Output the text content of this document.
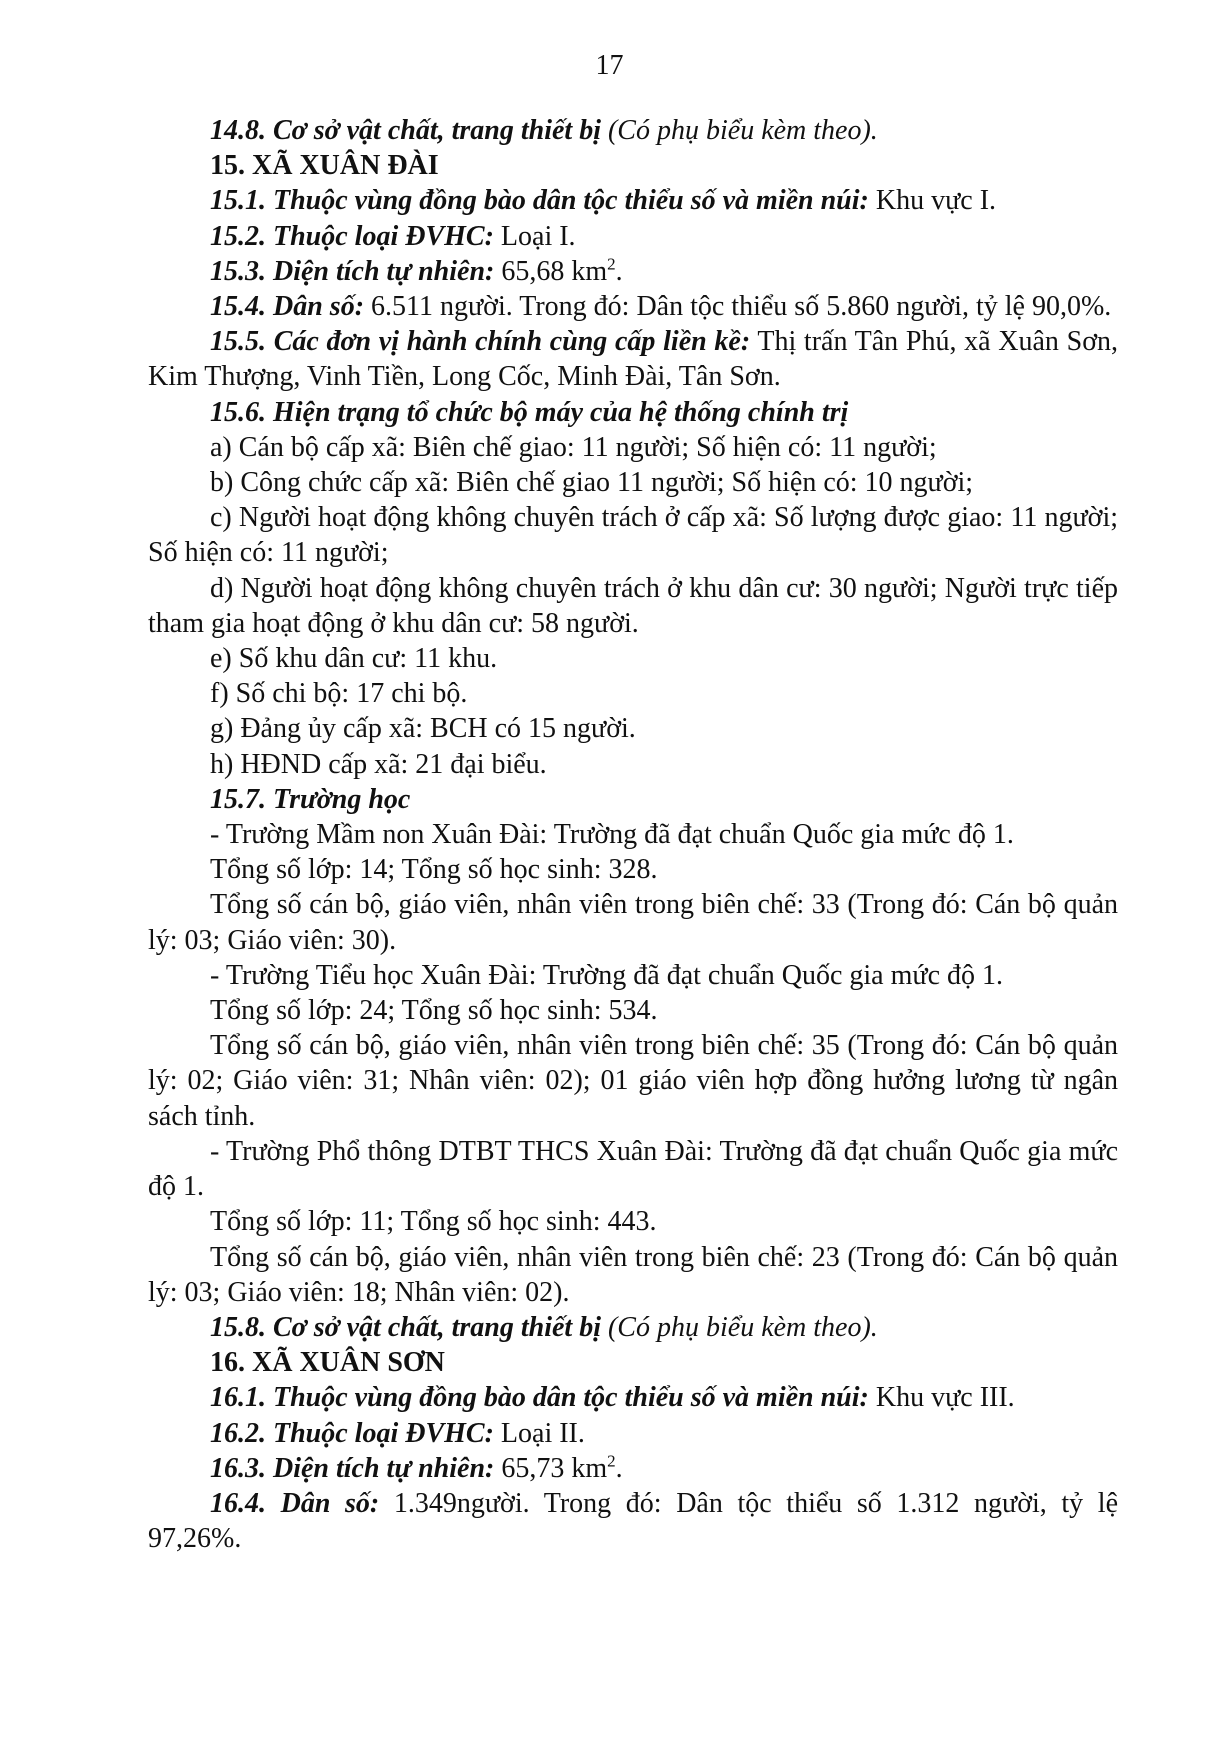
17

14.8. Cơ sở vật chất, trang thiết bị (Có phụ biểu kèm theo).

15. XÃ XUÂN ĐÀI

15.1. Thuộc vùng đồng bào dân tộc thiểu số và miền núi: Khu vực I.

15.2. Thuộc loại ĐVHC: Loại I.

15.3. Diện tích tự nhiên: 65,68 $km^2$.

15.4. Dân số: 6.511 người. Trong đó: Dân tộc thiểu số 5.860 người, tỷ lệ 90,0%.

15.5. Các đơn vị hành chính cùng cấp liền kề: Thị trấn Tân Phú, xã Xuân Sơn, Kim Thượng, Vinh Tiền, Long Cốc, Minh Đài, Tân Sơn.

15.6. Hiện trạng tổ chức bộ máy của hệ thống chính trị

a) Cán bộ cấp xã: Biên chế giao: 11 người; Số hiện có: 11 người;

b) Công chức cấp xã: Biên chế giao 11 người; Số hiện có: 10 người;

c) Người hoạt động không chuyên trách ở cấp xã: Số lượng được giao: 11 người; Số hiện có: 11 người;

d) Người hoạt động không chuyên trách ở khu dân cư: 30 người; Người trực tiếp tham gia hoạt động ở khu dân cư: 58 người.

e) Số khu dân cư: 11 khu.

f) Số chi bộ: 17 chi bộ.

g) Đảng ủy cấp xã: BCH có 15 người.

h) HĐND cấp xã: 21 đại biểu.

15.7. Trường học

- Trường Mầm non Xuân Đài: Trường đã đạt chuẩn Quốc gia mức độ 1.

Tổng số lớp: 14; Tổng số học sinh: 328.

Tổng số cán bộ, giáo viên, nhân viên trong biên chế: 33 (Trong đó: Cán bộ quản lý: 03; Giáo viên: 30).

- Trường Tiểu học Xuân Đài: Trường đã đạt chuẩn Quốc gia mức độ 1.

Tổng số lớp: 24; Tổng số học sinh: 534.

Tổng số cán bộ, giáo viên, nhân viên trong biên chế: 35 (Trong đó: Cán bộ quản lý: 02; Giáo viên: 31; Nhân viên: 02); 01 giáo viên hợp đồng hưởng lương từ ngân sách tỉnh.

- Trường Phổ thông DTBT THCS Xuân Đài: Trường đã đạt chuẩn Quốc gia mức độ 1.

Tổng số lớp: 11; Tổng số học sinh: 443.

Tổng số cán bộ, giáo viên, nhân viên trong biên chế: 23 (Trong đó: Cán bộ quản lý: 03; Giáo viên: 18; Nhân viên: 02).

15.8. Cơ sở vật chất, trang thiết bị (Có phụ biểu kèm theo).

16. XÃ XUÂN SƠN

16.1. Thuộc vùng đồng bào dân tộc thiểu số và miền núi: Khu vực III.

16.2. Thuộc loại ĐVHC: Loại II.

16.3. Diện tích tự nhiên: 65,73 $km^2$.

16.4. Dân số: 1.349người. Trong đó: Dân tộc thiểu số 1.312 người, tỷ lệ 97,26%.
